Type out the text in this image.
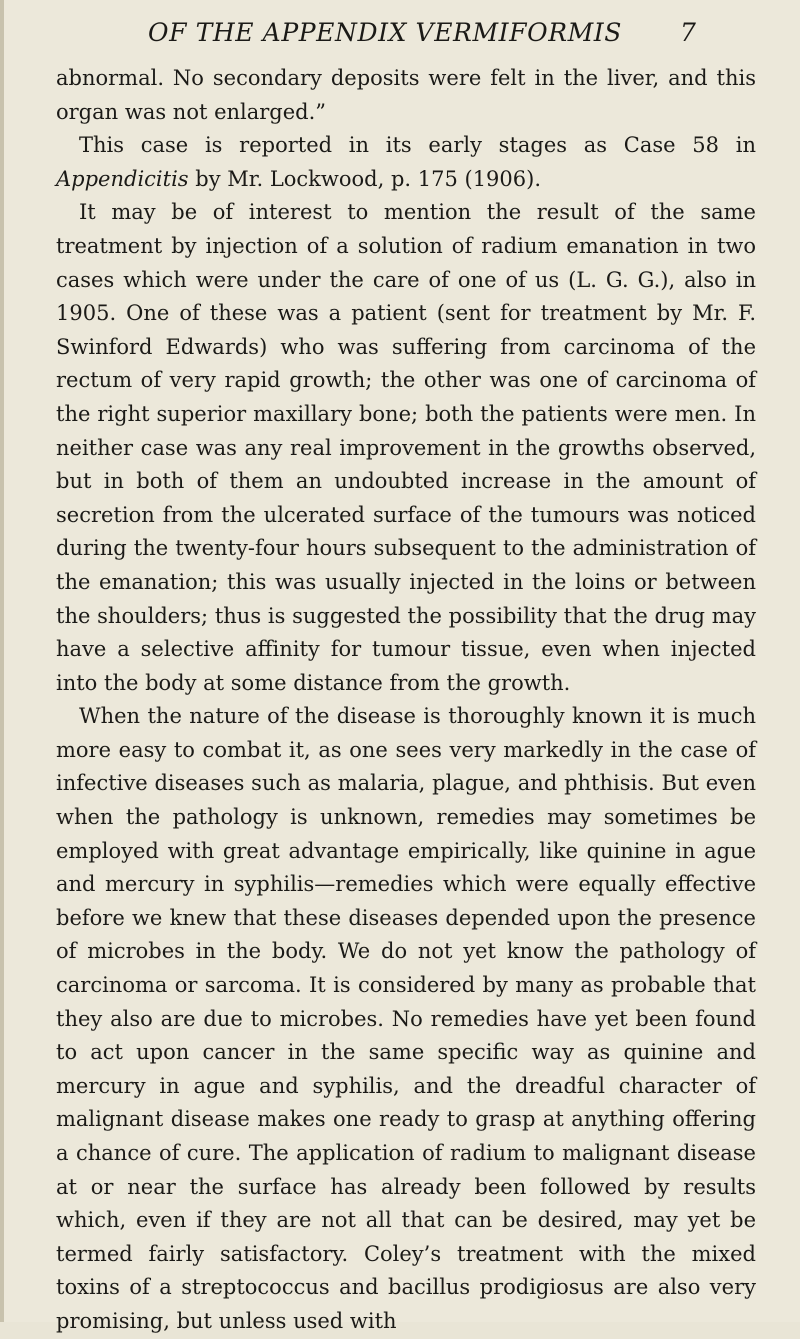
OF THE APPENDIX VERMIFORMIS 7

abnormal. No secondary deposits were felt in the liver, and this organ was not enlarged.”

This case is reported in its early stages as Case 58 in Appendicitis by Mr. Lockwood, p. 175 (1906).

It may be of interest to mention the result of the same treatment by injection of a solution of radium emanation in two cases which were under the care of one of us (L. G. G.), also in 1905. One of these was a patient (sent for treatment by Mr. F. Swinford Edwards) who was suffering from carcinoma of the rectum of very rapid growth; the other was one of carcinoma of the right superior maxillary bone; both the patients were men. In neither case was any real improvement in the growths observed, but in both of them an undoubted increase in the amount of secretion from the ulcerated surface of the tumours was noticed during the twenty-four hours subsequent to the administration of the emanation; this was usually injected in the loins or between the shoulders; thus is suggested the possibility that the drug may have a selective affinity for tumour tissue, even when injected into the body at some distance from the growth.

When the nature of the disease is thoroughly known it is much more easy to combat it, as one sees very markedly in the case of infective diseases such as malaria, plague, and phthisis. But even when the pathology is unknown, remedies may sometimes be employed with great advantage empirically, like quinine in ague and mercury in syphilis—remedies which were equally effective before we knew that these diseases depended upon the presence of microbes in the body. We do not yet know the pathology of carcinoma or sarcoma. It is considered by many as probable that they also are due to microbes. No remedies have yet been found to act upon cancer in the same specific way as quinine and mercury in ague and syphilis, and the dreadful character of malignant disease makes one ready to grasp at anything offering a chance of cure. The application of radium to malignant disease at or near the surface has already been followed by results which, even if they are not all that can be desired, may yet be termed fairly satisfactory. Coley’s treatment with the mixed toxins of a streptococcus and bacillus prodigiosus are also very promising, but unless used with
